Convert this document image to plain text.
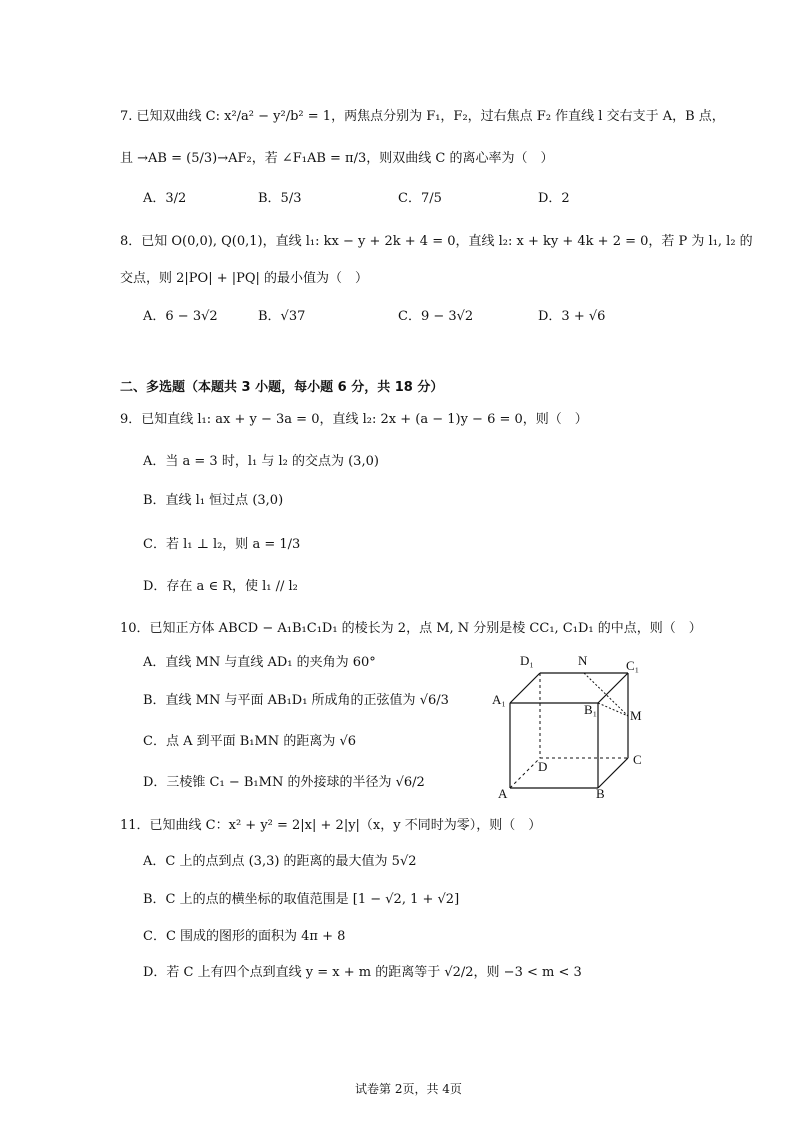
7. 已知双曲线 C: x²/a² − y²/b² = 1，两焦点分别为 F₁，F₂，过右焦点 F₂ 作直线 l 交右支于 A，B 点，
且 →AB = (5/3)→AF₂，若 ∠F₁AB = π/3，则双曲线 C 的离心率为（　）
A．3/2	B．5/3	C．7/5	D．2
8．已知 O(0,0), Q(0,1)，直线 l₁: kx − y + 2k + 4 = 0，直线 l₂: x + ky + 4k + 2 = 0，若 P 为 l₁, l₂ 的
交点，则 2|PO| + |PQ| 的最小值为（　）
A．6 − 3√2	B．√37	C．9 − 3√2	D．3 + √6
二、多选题（本题共 3 小题，每小题 6 分，共 18 分）
9．已知直线 l₁: ax + y − 3a = 0，直线 l₂: 2x + (a − 1)y − 6 = 0，则（　）
A．当 a = 3 时，l₁ 与 l₂ 的交点为 (3,0)
B．直线 l₁ 恒过点 (3,0)
C．若 l₁ ⊥ l₂，则 a = 1/3
D．存在 a ∈ R，使 l₁ // l₂
10．已知正方体 ABCD − A₁B₁C₁D₁ 的棱长为 2，点 M, N 分别是棱 CC₁, C₁D₁ 的中点，则（　）
A．直线 MN 与直线 AD₁ 的夹角为 60°
B．直线 MN 与平面 AB₁D₁ 所成角的正弦值为 √6/3
C．点 A 到平面 B₁MN 的距离为 √6
D．三棱锥 C₁ − B₁MN 的外接球的半径为 √6/2
D₁	N	C₁
A₁
B₁	M
C
D
A	B
11．已知曲线 C：x² + y² = 2|x| + 2|y|（x，y 不同时为零），则（　）
A．C 上的点到点 (3,3) 的距离的最大值为 5√2
B．C 上的点的横坐标的取值范围是 [1 − √2, 1 + √2]
C．C 围成的图形的面积为 4π + 8
D．若 C 上有四个点到直线 y = x + m 的距离等于 √2/2，则 −3 < m < 3
试卷第 2页，共 4页
